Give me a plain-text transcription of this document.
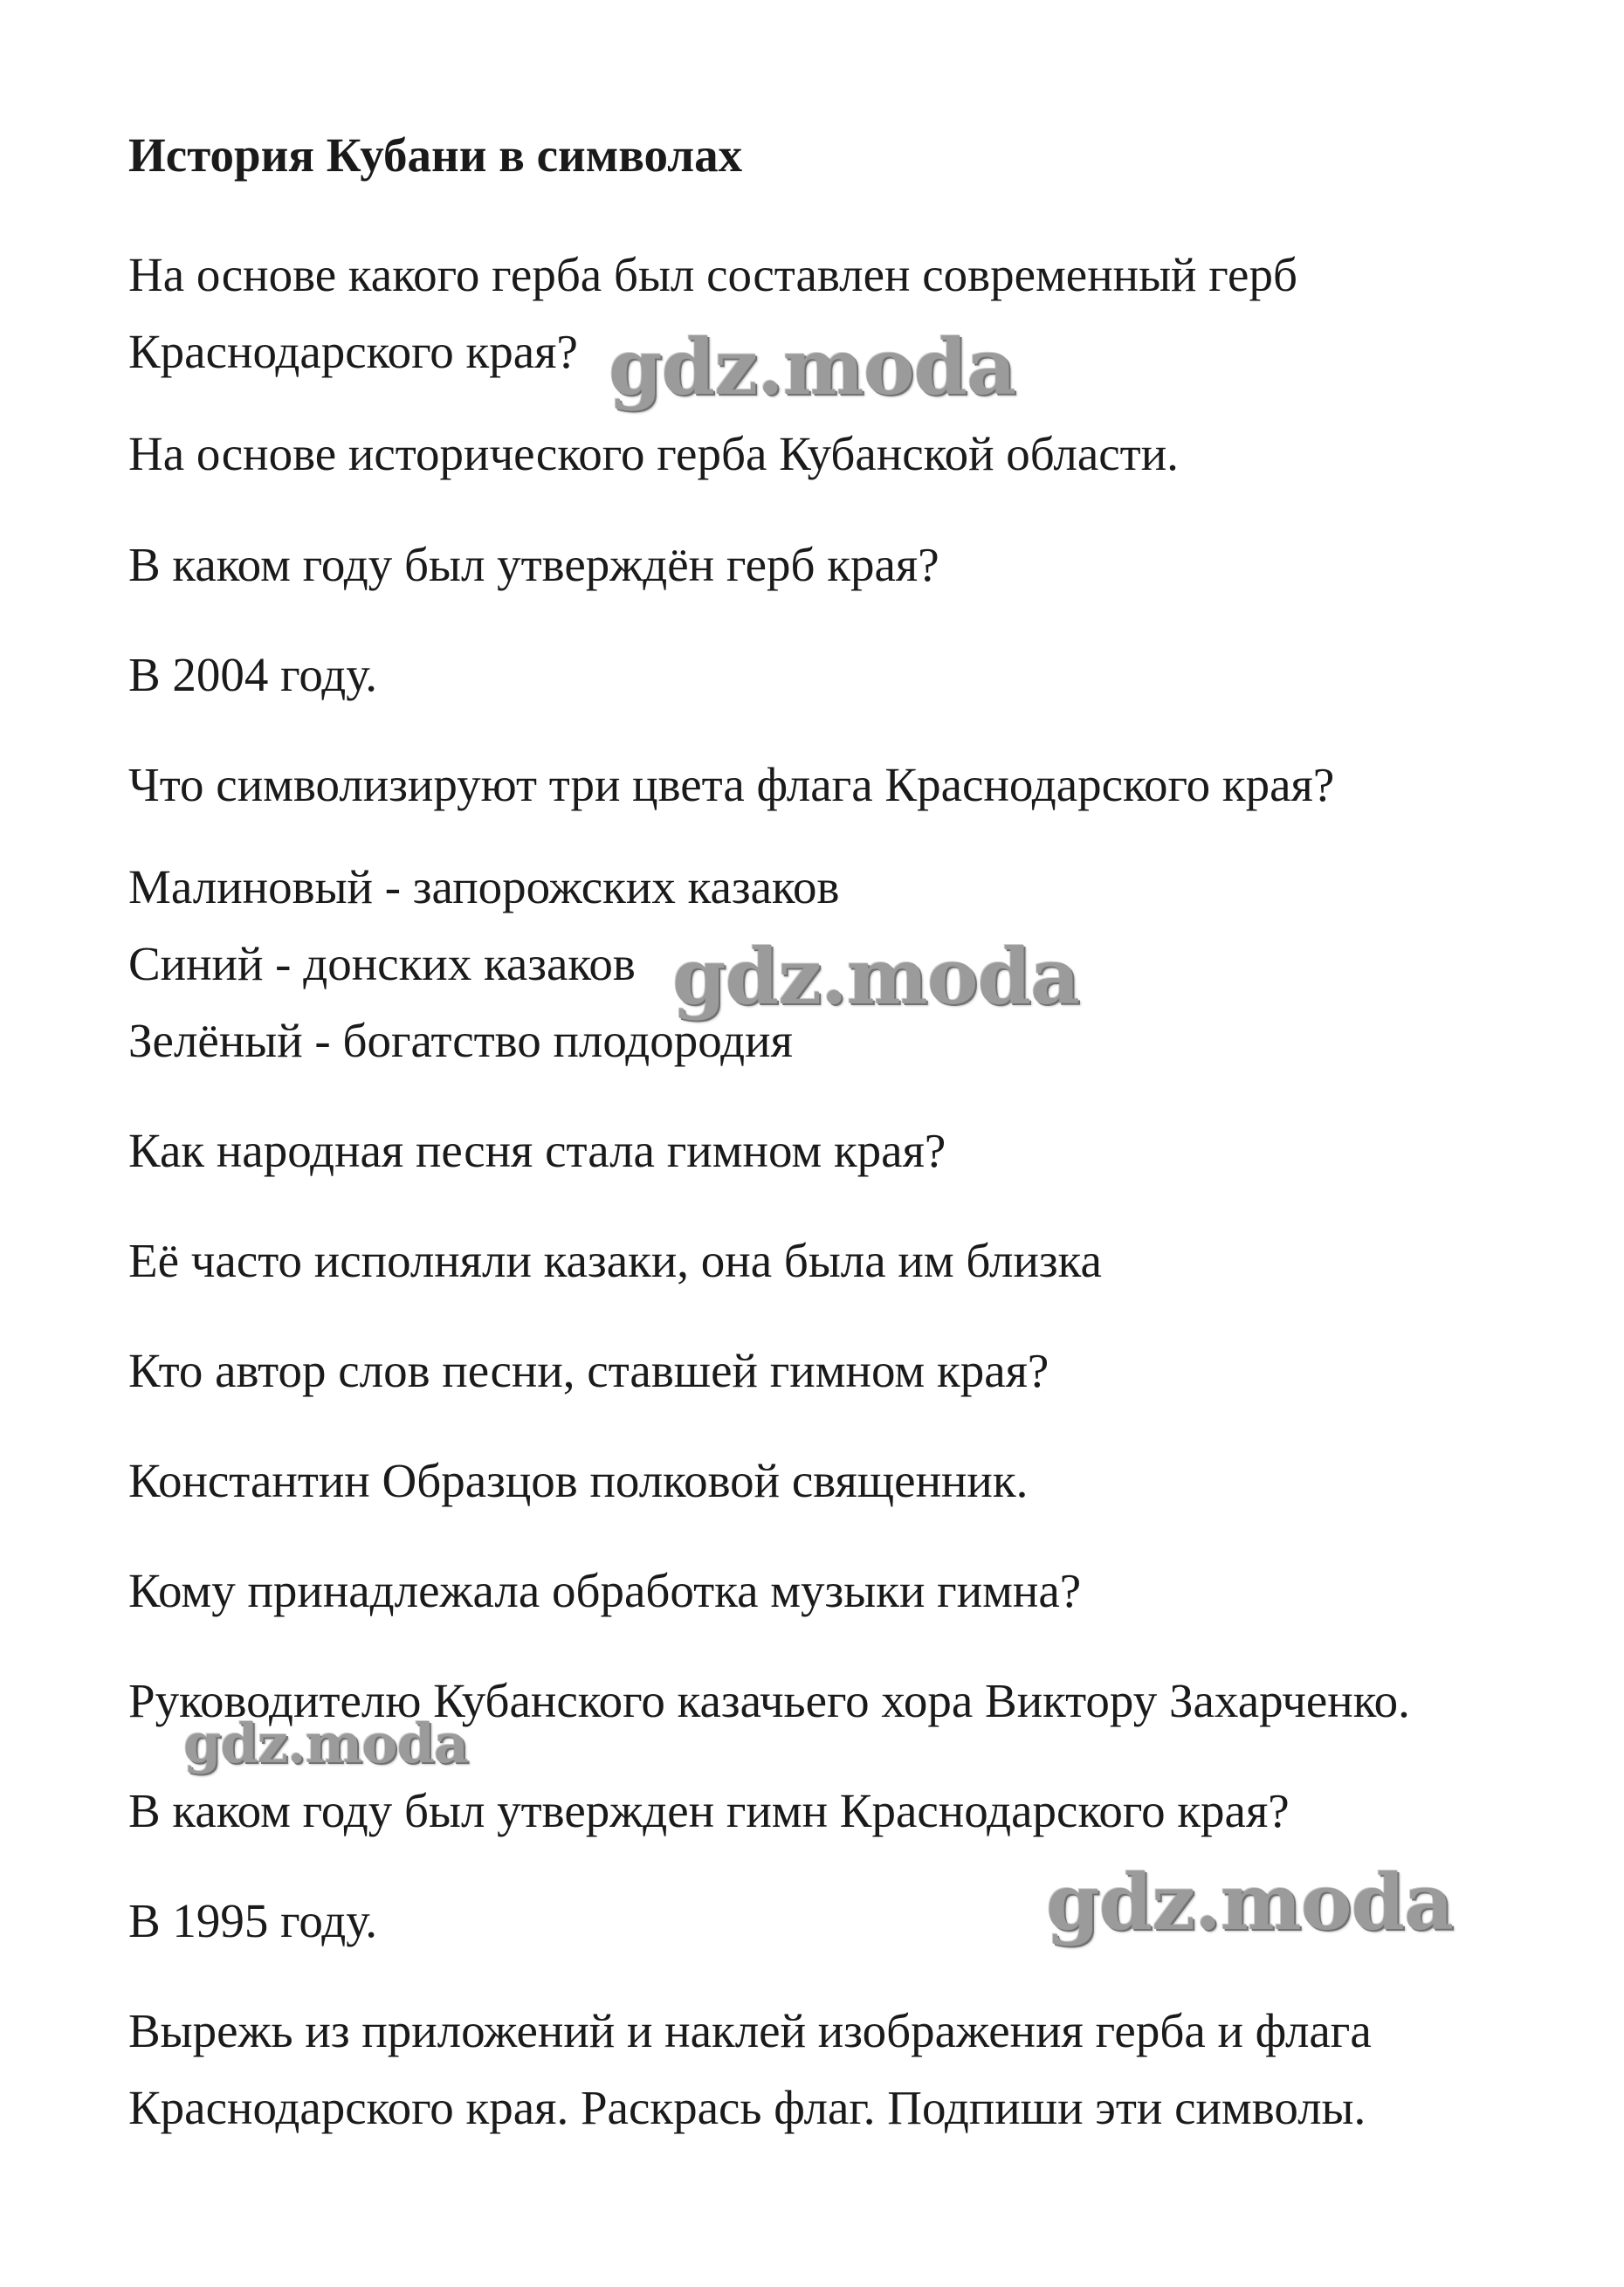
История Кубани в символах
На основе какого герба был составлен современный герб
Краснодарского края?
На основе исторического герба Кубанской области.
В каком году был утверждён герб края?
В 2004 году.
Что символизируют три цвета флага Краснодарского края?
Малиновый - запорожских казаков
Синий - донских казаков
Зелёный - богатство плодородия
Как народная песня стала гимном края?
Её часто исполняли казаки, она была им близка
Кто автор слов песни, ставшей гимном края?
Константин Образцов полковой священник.
Кому принадлежала обработка музыки гимна?
Руководителю Кубанского казачьего хора Виктору Захарченко.
В каком году был утвержден гимн Краснодарского края?
В 1995 году.
Вырежь из приложений и наклей изображения герба и флага
Краснодарского края. Раскрась флаг. Подпиши эти символы.
gdz.moda
gdz.moda
gdz.moda
gdz.moda
